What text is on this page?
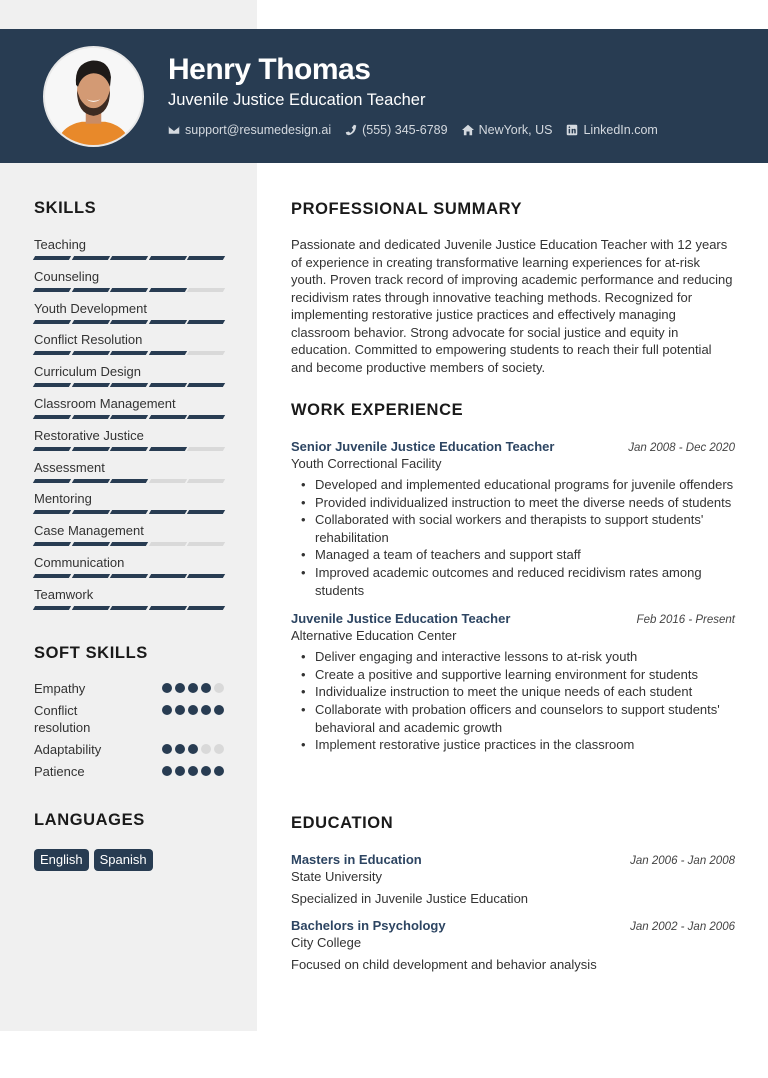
Henry Thomas
Juvenile Justice Education Teacher
support@resumedesign.ai (555) 345-6789 NewYork, US LinkedIn.com
SKILLS
Teaching
Counseling
Youth Development
Conflict Resolution
Curriculum Design
Classroom Management
Restorative Justice
Assessment
Mentoring
Case Management
Communication
Teamwork
SOFT SKILLS
Empathy
Conflict resolution
Adaptability
Patience
LANGUAGES
English	Spanish
PROFESSIONAL SUMMARY

Passionate and dedicated Juvenile Justice Education Teacher with 12 years of experience in creating transformative learning experiences for at-risk youth. Proven track record of improving academic performance and reducing recidivism rates through innovative teaching methods. Recognized for implementing restorative justice practices and effectively managing classroom behavior. Strong advocate for social justice and equity in education. Committed to empowering students to reach their full potential and become productive members of society.

WORK EXPERIENCE
Senior Juvenile Justice Education Teacher	Jan 2008 - Dec 2020
Youth Correctional Facility
• Developed and implemented educational programs for juvenile offenders
• Provided individualized instruction to meet the diverse needs of students
• Collaborated with social workers and therapists to support students' rehabilitation
• Managed a team of teachers and support staff
• Improved academic outcomes and reduced recidivism rates among students
Juvenile Justice Education Teacher	Feb 2016 - Present
Alternative Education Center
• Deliver engaging and interactive lessons to at-risk youth
• Create a positive and supportive learning environment for students
• Individualize instruction to meet the unique needs of each student
• Collaborate with probation officers and counselors to support students' behavioral and academic growth
• Implement restorative justice practices in the classroom
EDUCATION
Masters in Education	Jan 2006 - Jan 2008
State University
Specialized in Juvenile Justice Education
Bachelors in Psychology	Jan 2002 - Jan 2006
City College
Focused on child development and behavior analysis
